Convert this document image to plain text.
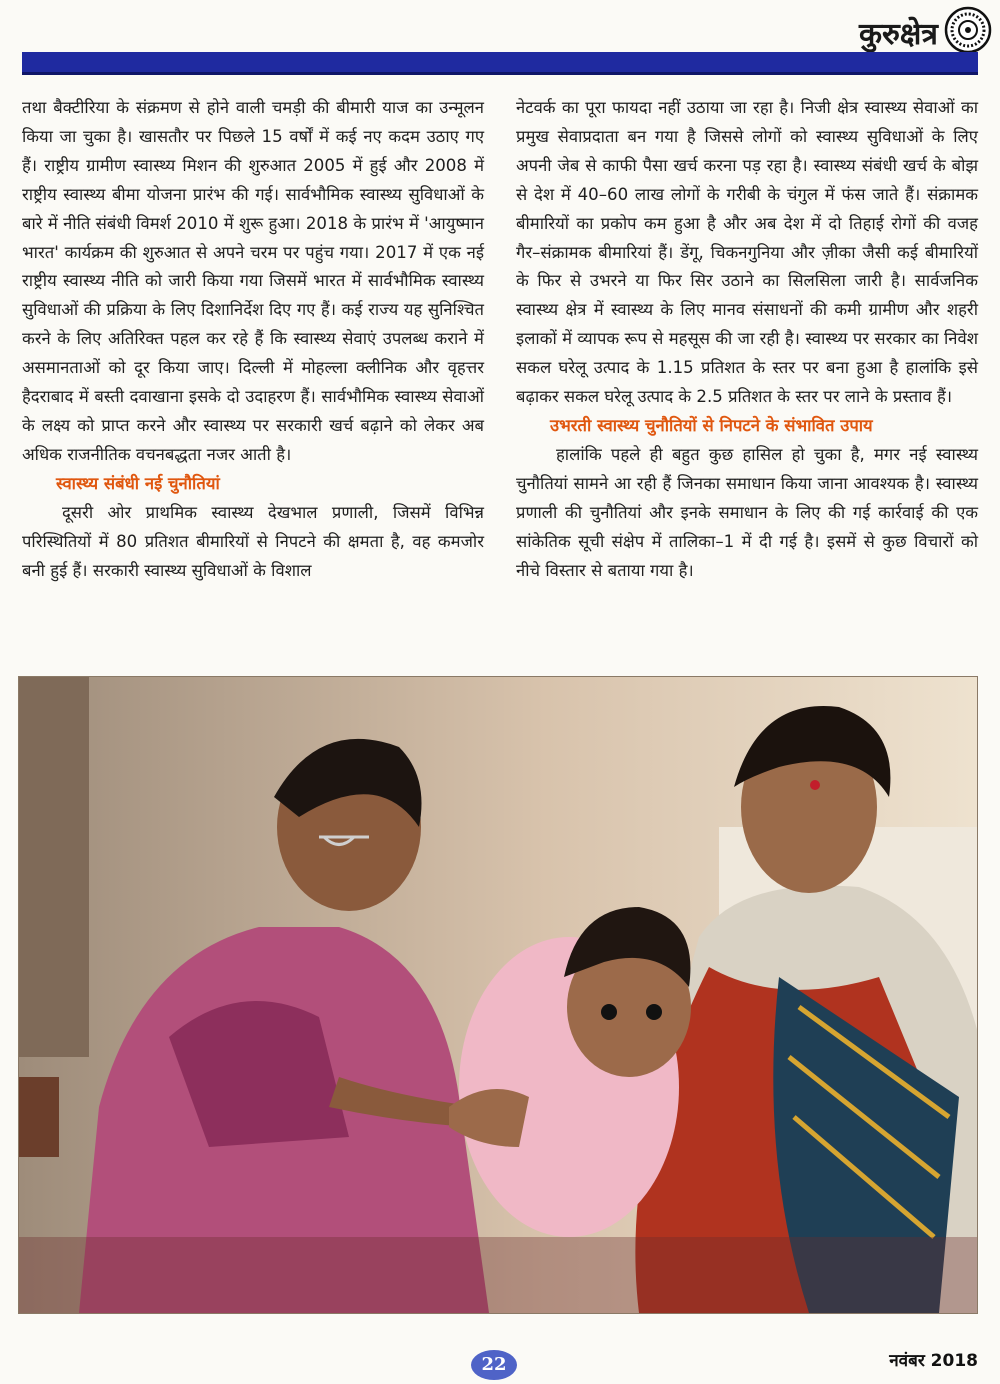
कुरुक्षेत्र

तथा बैक्टीरिया के संक्रमण से होने वाली चमड़ी की बीमारी याज का उन्मूलन किया जा चुका है। खासतौर पर पिछले 15 वर्षों में कई नए कदम उठाए गए हैं। राष्ट्रीय ग्रामीण स्वास्थ्य मिशन की शुरुआत 2005 में हुई और 2008 में राष्ट्रीय स्वास्थ्य बीमा योजना प्रारंभ की गई। सार्वभौमिक स्वास्थ्य सुविधाओं के बारे में नीति संबंधी विमर्श 2010 में शुरू हुआ। 2018 के प्रारंभ में 'आयुष्मान भारत' कार्यक्रम की शुरुआत से अपने चरम पर पहुंच गया। 2017 में एक नई राष्ट्रीय स्वास्थ्य नीति को जारी किया गया जिसमें भारत में सार्वभौमिक स्वास्थ्य सुविधाओं की प्रक्रिया के लिए दिशानिर्देश दिए गए हैं। कई राज्य यह सुनिश्चित करने के लिए अतिरिक्त पहल कर रहे हैं कि स्वास्थ्य सेवाएं उपलब्ध कराने में असमानताओं को दूर किया जाए। दिल्ली में मोहल्ला क्लीनिक और वृहत्तर हैदराबाद में बस्ती दवाखाना इसके दो उदाहरण हैं। सार्वभौमिक स्वास्थ्य सेवाओं के लक्ष्य को प्राप्त करने और स्वास्थ्य पर सरकारी खर्च बढ़ाने को लेकर अब अधिक राजनीतिक वचनबद्धता नजर आती है।

स्वास्थ्य संबंधी नई चुनौतियां

दूसरी ओर प्राथमिक स्वास्थ्य देखभाल प्रणाली, जिसमें विभिन्न परिस्थितियों में 80 प्रतिशत बीमारियों से निपटने की क्षमता है, वह कमजोर बनी हुई हैं। सरकारी स्वास्थ्य सुविधाओं के विशाल

नेटवर्क का पूरा फायदा नहीं उठाया जा रहा है। निजी क्षेत्र स्वास्थ्य सेवाओं का प्रमुख सेवाप्रदाता बन गया है जिससे लोगों को स्वास्थ्य सुविधाओं के लिए अपनी जेब से काफी पैसा खर्च करना पड़ रहा है। स्वास्थ्य संबंधी खर्च के बोझ से देश में 40–60 लाख लोगों के गरीबी के चंगुल में फंस जाते हैं। संक्रामक बीमारियों का प्रकोप कम हुआ है और अब देश में दो तिहाई रोगों की वजह गैर–संक्रामक बीमारियां हैं। डेंगू, चिकनगुनिया और ज़ीका जैसी कई बीमारियों के फिर से उभरने या फिर सिर उठाने का सिलसिला जारी है। सार्वजनिक स्वास्थ्य क्षेत्र में स्वास्थ्य के लिए मानव संसाधनों की कमी ग्रामीण और शहरी इलाकों में व्यापक रूप से महसूस की जा रही है। स्वास्थ्य पर सरकार का निवेश सकल घरेलू उत्पाद के 1.15 प्रतिशत के स्तर पर बना हुआ है हालांकि इसे बढ़ाकर सकल घरेलू उत्पाद के 2.5 प्रतिशत के स्तर पर लाने के प्रस्ताव हैं।

उभरती स्वास्थ्य चुनौतियों से निपटने के संभावित उपाय

हालांकि पहले ही बहुत कुछ हासिल हो चुका है, मगर नई स्वास्थ्य चुनौतियां सामने आ रही हैं जिनका समाधान किया जाना आवश्यक है। स्वास्थ्य प्रणाली की चुनौतियां और इनके समाधान के लिए की गई कार्रवाई की एक सांकेतिक सूची संक्षेप में तालिका–1 में दी गई है। इसमें से कुछ विचारों को नीचे विस्तार से बताया गया है।

22	नवंबर 2018
